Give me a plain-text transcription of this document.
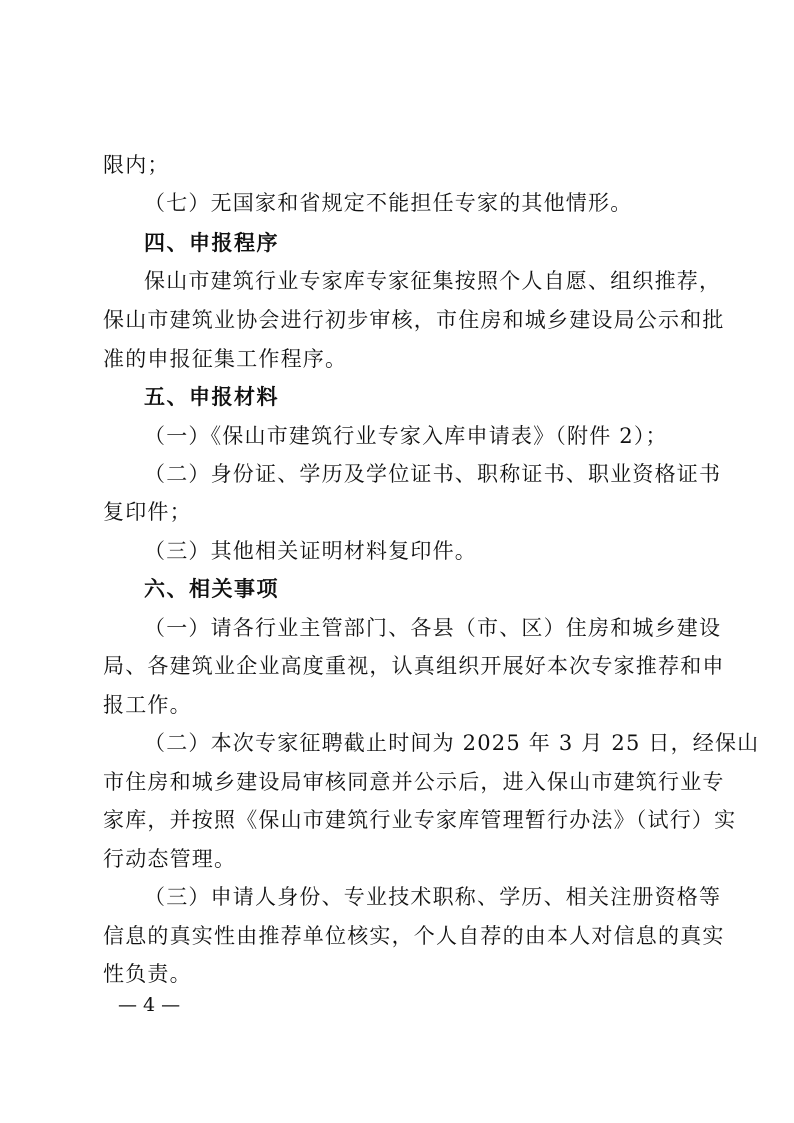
限内；

（七）无国家和省规定不能担任专家的其他情形。

四、申报程序

保山市建筑行业专家库专家征集按照个人自愿、组织推荐，

保山市建筑业协会进行初步审核，市住房和城乡建设局公示和批

准的申报征集工作程序。

五、申报材料

（一）《保山市建筑行业专家入库申请表》（附件 2）；

（二）身份证、学历及学位证书、职称证书、职业资格证书

复印件；

（三）其他相关证明材料复印件。

六、相关事项

（一）请各行业主管部门、各县（市、区）住房和城乡建设

局、各建筑业企业高度重视，认真组织开展好本次专家推荐和申

报工作。

（二）本次专家征聘截止时间为 2025 年 3 月 25 日，经保山

市住房和城乡建设局审核同意并公示后，进入保山市建筑行业专

家库，并按照《保山市建筑行业专家库管理暂行办法》（试行）实

行动态管理。

（三）申请人身份、专业技术职称、学历、相关注册资格等

信息的真实性由推荐单位核实，个人自荐的由本人对信息的真实

性负责。

— 4 —
